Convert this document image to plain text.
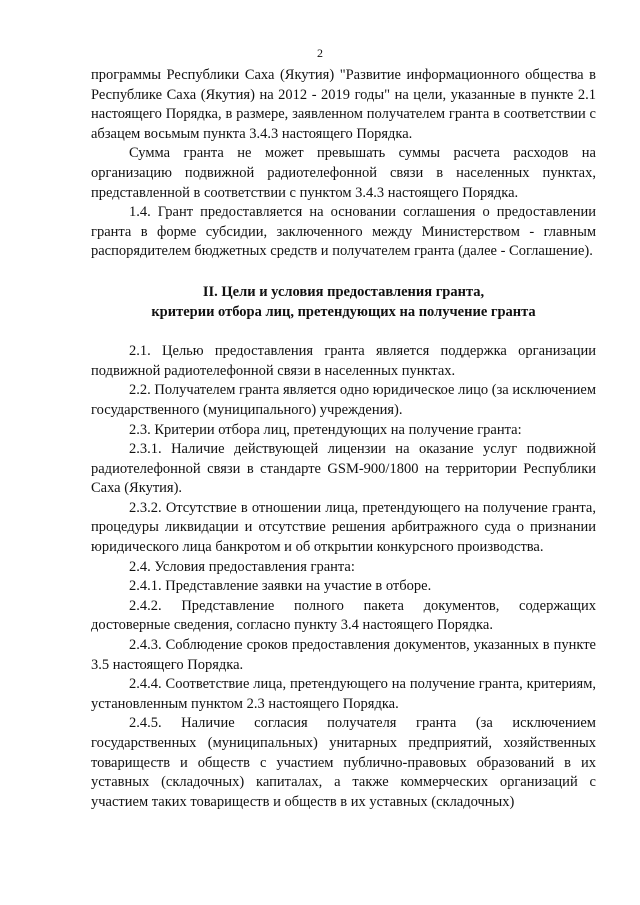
2

программы Республики Саха (Якутия) "Развитие информационного общества в Республике Саха (Якутия) на 2012 - 2019 годы" на цели, указанные в пункте 2.1 настоящего Порядка, в размере, заявленном получателем гранта в соответствии с абзацем восьмым пункта 3.4.3 настоящего Порядка.

Сумма гранта не может превышать суммы расчета расходов на организацию подвижной радиотелефонной связи в населенных пунктах, представленной в соответствии с пунктом 3.4.3 настоящего Порядка.

1.4. Грант предоставляется на основании соглашения о предоставлении гранта в форме субсидии, заключенного между Министерством - главным распорядителем бюджетных средств и получателем гранта (далее - Соглашение).

II. Цели и условия предоставления гранта,
критерии отбора лиц, претендующих на получение гранта

2.1. Целью предоставления гранта является поддержка организации подвижной радиотелефонной связи в населенных пунктах.

2.2. Получателем гранта является одно юридическое лицо (за исключением государственного (муниципального) учреждения).

2.3. Критерии отбора лиц, претендующих на получение гранта:

2.3.1. Наличие действующей лицензии на оказание услуг подвижной радиотелефонной связи в стандарте GSM-900/1800 на территории Республики Саха (Якутия).

2.3.2. Отсутствие в отношении лица, претендующего на получение гранта, процедуры ликвидации и отсутствие решения арбитражного суда о признании юридического лица банкротом и об открытии конкурсного производства.

2.4. Условия предоставления гранта:

2.4.1. Представление заявки на участие в отборе.

2.4.2. Представление полного пакета документов, содержащих достоверные сведения, согласно пункту 3.4 настоящего Порядка.

2.4.3. Соблюдение сроков предоставления документов, указанных в пункте 3.5 настоящего Порядка.

2.4.4. Соответствие лица, претендующего на получение гранта, критериям, установленным пунктом 2.3 настоящего Порядка.

2.4.5. Наличие согласия получателя гранта (за исключением государственных (муниципальных) унитарных предприятий, хозяйственных товариществ и обществ с участием публично-правовых образований в их уставных (складочных) капиталах, а также коммерческих организаций с участием таких товариществ и обществ в их уставных (складочных)
